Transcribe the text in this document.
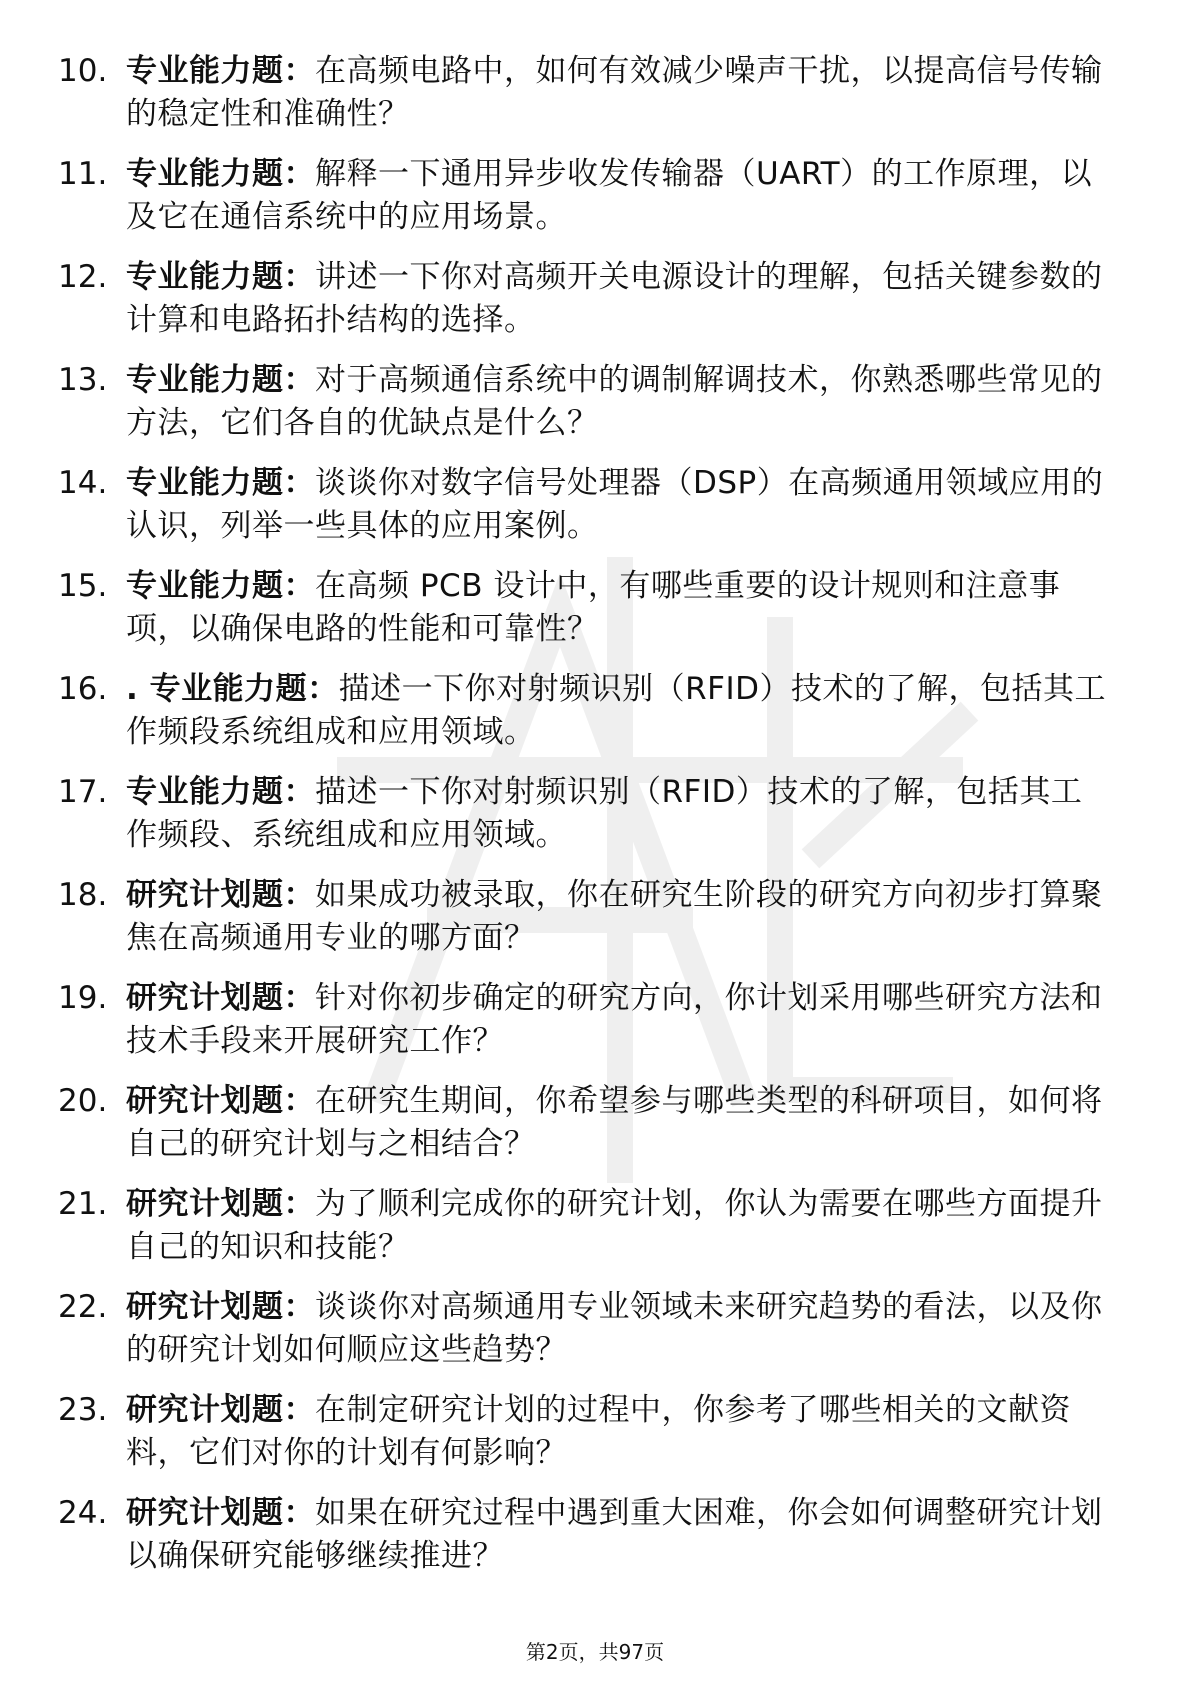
10. 专业能力题：在高频电路中，如何有效减少噪声干扰，以提高信号传输的稳定性和准确性？
11. 专业能力题：解释一下通用异步收发传输器（UART）的工作原理，以及它在通信系统中的应用场景。
12. 专业能力题：讲述一下你对高频开关电源设计的理解，包括关键参数的计算和电路拓扑结构的选择。
13. 专业能力题：对于高频通信系统中的调制解调技术，你熟悉哪些常见的方法，它们各自的优缺点是什么？
14. 专业能力题：谈谈你对数字信号处理器（DSP）在高频通用领域应用的认识，列举一些具体的应用案例。
15. 专业能力题：在高频 PCB 设计中，有哪些重要的设计规则和注意事项，以确保电路的性能和可靠性？
16. . 专业能力题：描述一下你对射频识别（RFID）技术的了解，包括其工作频段系统组成和应用领域。
17. 专业能力题：描述一下你对射频识别（RFID）技术的了解，包括其工作频段、系统组成和应用领域。
18. 研究计划题：如果成功被录取，你在研究生阶段的研究方向初步打算聚焦在高频通用专业的哪方面？
19. 研究计划题：针对你初步确定的研究方向，你计划采用哪些研究方法和技术手段来开展研究工作？
20. 研究计划题：在研究生期间，你希望参与哪些类型的科研项目，如何将自己的研究计划与之相结合？
21. 研究计划题：为了顺利完成你的研究计划，你认为需要在哪些方面提升自己的知识和技能？
22. 研究计划题：谈谈你对高频通用专业领域未来研究趋势的看法，以及你的研究计划如何顺应这些趋势？
23. 研究计划题：在制定研究计划的过程中，你参考了哪些相关的文献资料，它们对你的计划有何影响？
24. 研究计划题：如果在研究过程中遇到重大困难，你会如何调整研究计划以确保研究能够继续推进？
第2页，共97页
